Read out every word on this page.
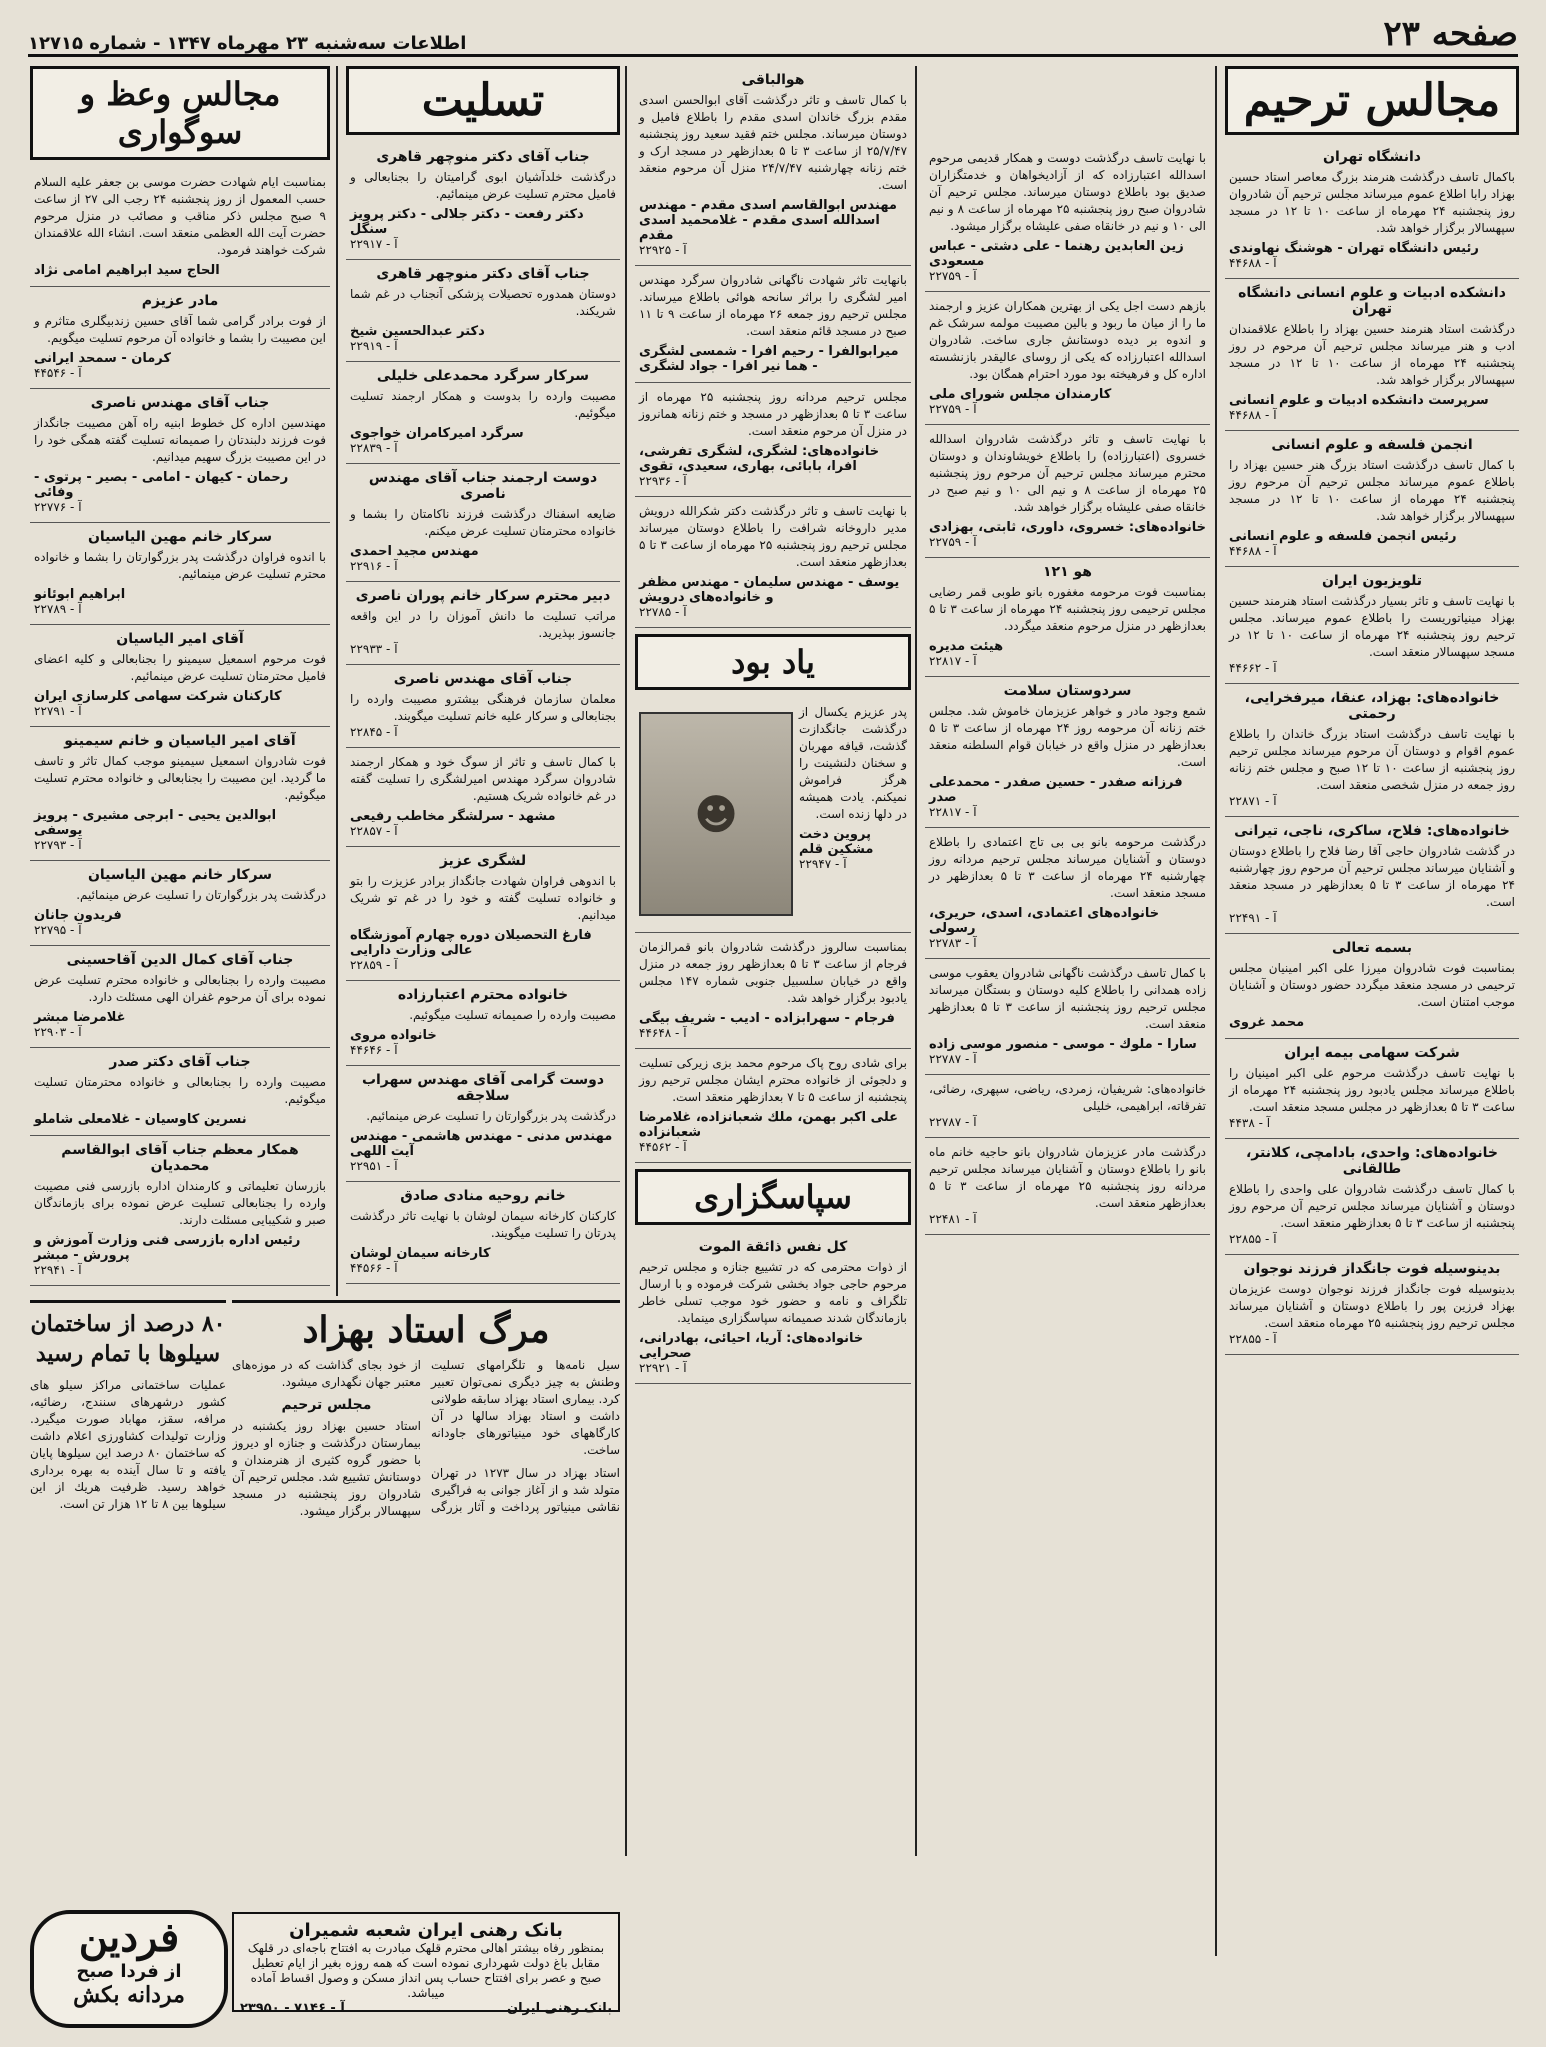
صفحه ۲۳
اطلاعات سه‌شنبه ۲۳ مهرماه ۱۳۴۷ - شماره ۱۲۷۱۵
مجالس ترحیم
دانشگاه تهران

باکمال تاسف درگذشت هنرمند بزرگ معاصر استاد حسین بهزاد رابا اطلاع عموم میرساند مجلس ترحیم آن شادروان روز پنجشنبه ۲۴ مهرماه از ساعت ۱۰ تا ۱۲ در مسجد سپهسالار برگزار خواهد شد.

رئیس دانشگاه تهران - هوشنگ نهاوندی
آ - ۴۴۶۸۸
دانشکده ادبیات و علوم انسانی دانشگاه تهران

درگذشت استاد هنرمند حسین بهزاد را باطلاع علاقمندان ادب و هنر میرساند مجلس ترحیم آن مرحوم در روز پنجشنبه ۲۴ مهرماه از ساعت ۱۰ تا ۱۲ در مسجد سپهسالار برگزار خواهد شد.

سرپرست دانشکده ادبیات و علوم انسانی
آ - ۴۴۶۸۸
انجمن فلسفه و علوم انسانی

با کمال تاسف درگذشت استاد بزرگ هنر حسین بهزاد را باطلاع عموم میرساند مجلس ترحیم آن مرحوم روز پنجشنبه ۲۴ مهرماه از ساعت ۱۰ تا ۱۲ در مسجد سپهسالار برگزار خواهد شد.

رئیس انجمن فلسفه و علوم انسانی
آ - ۴۴۶۸۸
تلویزیون ایران

با نهایت تاسف و تاثر بسیار درگذشت استاد هنرمند حسین بهزاد مینیاتوریست را باطلاع عموم میرساند. مجلس ترحیم روز پنجشنبه ۲۴ مهرماه از ساعت ۱۰ تا ۱۲ در مسجد سپهسالار منعقد است.

آ - ۴۴۶۶۲
خانواده‌های: بهزاد، عنقا، میرفخرایی، رحمتی

با نهایت تاسف درگذشت استاد بزرگ خاندان را باطلاع عموم اقوام و دوستان آن مرحوم میرساند مجلس ترحیم روز پنجشنبه از ساعت ۱۰ تا ۱۲ صبح و مجلس ختم زنانه روز جمعه در منزل شخصی منعقد است.

آ - ۲۲۸۷۱
خانواده‌های: فلاح، ساکری، ناجی، تیرانی

در گذشت شادروان حاجی آقا رضا فلاح را باطلاع دوستان و آشنایان میرساند مجلس ترحیم آن مرحوم روز چهارشنبه ۲۴ مهرماه از ساعت ۳ تا ۵ بعدازظهر در مسجد منعقد است.

آ - ۲۲۴۹۱
بسمه تعالی

بمناسبت فوت شادروان میرزا علی اکبر امینیان مجلس ترحیمی در مسجد منعقد میگردد حضور دوستان و آشنایان موجب امتنان است.

محمد غروی
شرکت سهامی بیمه ایران

با نهایت تاسف درگذشت مرحوم علی اکبر امینیان را باطلاع میرساند مجلس یادبود روز پنجشنبه ۲۴ مهرماه از ساعت ۳ تا ۵ بعدازظهر در مجلس مسجد منعقد است.

آ - ۴۴۳۸
خانواده‌های: واحدی، بادامچی، کلانتر، طالقانی

با کمال تاسف درگذشت شادروان علی واحدی را باطلاع دوستان و آشنایان میرساند مجلس ترحیم آن مرحوم روز پنجشنبه از ساعت ۳ تا ۵ بعدازظهر منعقد است.

آ - ۲۲۸۵۵
بدینوسیله فوت جانگداز فرزند نوجوان

بدینوسیله فوت جانگداز فرزند نوجوان دوست عزیزمان بهزاد فرزین پور را باطلاع دوستان و آشنایان میرساند مجلس ترحیم روز پنجشنبه ۲۵ مهرماه منعقد است.

آ - ۲۲۸۵۵

با نهایت تاسف درگذشت دوست و همکار قدیمی مرحوم اسدالله اعتبارزاده که از آزادیخواهان و خدمتگزاران صدیق بود باطلاع دوستان میرساند. مجلس ترحیم آن شادروان صبح روز پنجشنبه ۲۵ مهرماه از ساعت ۸ و نیم الی ۱۰ و نیم در خانقاه صفی علیشاه برگزار میشود.

زین العابدین رهنما - علی دشتی - عباس مسعودی
آ - ۲۲۷۵۹

بازهم دست اجل یکی از بهترین همکاران عزیز و ارجمند ما را از میان ما ربود و بالین مصیبت مولمه سرشک غم و اندوه بر دیده دوستانش جاری ساخت. شادروان اسدالله اعتبارزاده که یکی از روسای عالیقدر بازنشسته اداره کل و فرهیخته بود مورد احترام همگان بود.

کارمندان مجلس شورای ملی
آ - ۲۲۷۵۹

با نهایت تاسف و تاثر درگذشت شادروان اسدالله خسروی (اعتبارزاده) را باطلاع خویشاوندان و دوستان محترم میرساند مجلس ترحیم آن مرحوم روز پنجشنبه ۲۵ مهرماه از ساعت ۸ و نیم الی ۱۰ و نیم صبح در خانقاه صفی علیشاه برگزار خواهد شد.

خانواده‌های: خسروی، داوری، ثابتی، بهزادی
آ - ۲۲۷۵۹
هو ۱۲۱

بمناسبت فوت مرحومه مغفوره بانو طوبی قمر رضایی مجلس ترحیمی روز پنجشنبه ۲۴ مهرماه از ساعت ۳ تا ۵ بعدازظهر در منزل مرحوم منعقد میگردد.

هیئت مدیره
آ - ۲۲۸۱۷
سردوستان سلامت

شمع وجود مادر و خواهر عزیزمان خاموش شد. مجلس ختم زنانه آن مرحومه روز ۲۴ مهرماه از ساعت ۳ تا ۵ بعدازظهر در منزل واقع در خیابان قوام السلطنه منعقد است.

فرزانه صفدر - حسین صفدر - محمدعلی صدر
آ - ۲۲۸۱۷

درگذشت مرحومه بانو بی بی تاج اعتمادی را باطلاع دوستان و آشنایان میرساند مجلس ترحیم مردانه روز چهارشنبه ۲۴ مهرماه از ساعت ۳ تا ۵ بعدازظهر در مسجد منعقد است.

خانواده‌های اعتمادی، اسدی، حریری، رسولی
آ - ۲۲۷۸۳

با کمال تاسف درگذشت ناگهانی شادروان یعقوب موسی زاده همدانی را باطلاع کلیه دوستان و بستگان میرساند مجلس ترحیم روز پنجشنبه از ساعت ۳ تا ۵ بعدازظهر منعقد است.

سارا - ملوك - موسی - منصور موسی زاده
آ - ۲۲۷۸۷

خانواده‌های: شریفیان، زمردی، ریاضی، سپهری، رضائی، تفرقاته، ابراهیمی، خلیلی

آ - ۲۲۷۸۷

درگذشت مادر عزیزمان شادروان بانو حاجیه خانم ماه بانو را باطلاع دوستان و آشنایان میرساند مجلس ترحیم مردانه روز پنجشنبه ۲۵ مهرماه از ساعت ۳ تا ۵ بعدازظهر منعقد است.

آ - ۲۲۴۸۱
هوالباقی

با کمال تاسف و تاثر درگذشت آقای ابوالحسن اسدی مقدم بزرگ خاندان اسدی مقدم را باطلاع فامیل و دوستان میرساند. مجلس ختم فقید سعید روز پنجشنبه ۲۵/۷/۴۷ از ساعت ۳ تا ۵ بعدازظهر در مسجد ارک و ختم زنانه چهارشنبه ۲۴/۷/۴۷ منزل آن مرحوم منعقد است.

مهندس ابوالقاسم اسدی مقدم - مهندس اسدالله اسدی مقدم - غلامحمید اسدی مقدم
آ - ۲۲۹۲۵

بانهایت تاثر شهادت ناگهانی شادروان سرگرد مهندس امیر لشگری را براثر سانحه هوائی باطلاع میرساند. مجلس ترحیم روز جمعه ۲۶ مهرماه از ساعت ۹ تا ۱۱ صبح در مسجد قائم منعقد است.

میرابوالفرا - رحیم افرا - شمسی لشگری - هما نیر افرا - جواد لشگری

مجلس ترحیم مردانه روز پنجشنبه ۲۵ مهرماه از ساعت ۳ تا ۵ بعدازظهر در مسجد و ختم زنانه همانروز در منزل آن مرحوم منعقد است.

خانواده‌های: لشگری، لشگری تفرشی، افرا، بابائی، بهاری، سعیدی، تقوی
آ - ۲۲۹۳۶

با نهایت تاسف و تاثر درگذشت دکتر شکرالله درویش مدیر داروخانه شرافت را باطلاع دوستان میرساند مجلس ترحیم روز پنجشنبه ۲۵ مهرماه از ساعت ۳ تا ۵ بعدازظهر منعقد است.

یوسف - مهندس سلیمان - مهندس مظفر و خانواده‌های درویش
آ - ۲۲۷۸۵
یاد بود

پدر عزیزم یکسال از درگذشت جانگدازت گذشت، قیافه مهربان و سخنان دلنشینت را هرگز فراموش نمیکنم. یادت همیشه در دلها زنده است.

پروین دخت مشکین قلم
آ - ۲۲۹۴۷
☻

بمناسبت سالروز درگذشت شادروان بانو قمرالزمان فرجام از ساعت ۳ تا ۵ بعدازظهر روز جمعه در منزل واقع در خیابان سلسبیل جنوبی شماره ۱۴۷ مجلس یادبود برگزار خواهد شد.

فرجام - سهرابزاده - ادیب - شریف بیگی
آ - ۴۴۶۴۸

برای شادی روح پاک مرحوم محمد بزی زیرکی تسلیت و دلجوئی از خانواده محترم ایشان مجلس ترحیم روز پنجشنبه از ساعت ۵ تا ۷ بعدازظهر منعقد است.

علی اکبر بهمن، ملك شعبانزاده، غلامرضا شعبانزاده
آ - ۴۴۵۶۲
سپاسگزاری
کل نفس ذائقة الموت

از ذوات محترمی که در تشییع جنازه و مجلس ترحیم مرحوم حاجی جواد بخشی شرکت فرموده و با ارسال تلگراف و نامه و حضور خود موجب تسلی خاطر بازماندگان شدند صمیمانه سپاسگزاری مینماید.

خانواده‌های: آریا، احیائی، بهادرانی، صحرایی
آ - ۲۲۹۲۱
تسلیت
جناب آقای دکتر منوچهر قاهری

درگذشت خلدآشیان ابوی گرامیتان را بجنابعالی و فامیل محترم تسلیت عرض مینمائیم.

دکتر رفعت - دکتر جلالی - دکتر پرویز سنگل
آ - ۲۲۹۱۷
جناب آقای دکتر منوچهر قاهری

دوستان همدوره تحصیلات پزشکی آنجناب در غم شما شریکند.

دکتر عبدالحسین شیخ
آ - ۲۲۹۱۹
سرکار سرگرد محمدعلی خلیلی

مصیبت وارده را بدوست و همکار ارجمند تسلیت میگوئیم.

سرگرد امیرکامران خواجوی
آ - ۲۲۸۳۹
دوست ارجمند جناب آقای مهندس ناصری

ضایعه اسفناك درگذشت فرزند ناکامتان را بشما و خانواده محترمتان تسلیت عرض میکنم.

مهندس مجید احمدی
آ - ۲۲۹۱۶
دبیر محترم سرکار خانم پوران ناصری

مراتب تسلیت ما دانش آموزان را در این واقعه جانسوز بپذیرید.

آ - ۲۲۹۳۳
جناب آقای مهندس ناصری

معلمان سازمان فرهنگی بیشترو مصیبت وارده را بجنابعالی و سرکار علیه خانم تسلیت میگویند.

آ - ۲۲۸۴۵

با کمال تاسف و تاثر از سوگ خود و همکار ارجمند شادروان سرگرد مهندس امیرلشگری را تسلیت گفته در غم خانواده شریک هستیم.

مشهد - سرلشگر مخاطب رفیعی
آ - ۲۲۸۵۷
لشگری عزیز

با اندوهی فراوان شهادت جانگداز برادر عزیزت را بتو و خانواده تسلیت گفته و خود را در غم تو شریک میدانیم.

فارغ التحصیلان دوره چهارم آموزشگاه عالی وزارت دارایی
آ - ۲۲۸۵۹
خانواده محترم اعتبارزاده

مصیبت وارده را صمیمانه تسلیت میگوئیم.

خانواده مروی
آ - ۴۴۶۴۶
دوست گرامی آقای مهندس سهراب سلاجقه

درگذشت پدر بزرگوارتان را تسلیت عرض مینمائیم.

مهندس مدنی - مهندس هاشمی - مهندس آیت اللهی
آ - ۲۲۹۵۱
خانم روحیه منادی صادق

کارکنان کارخانه سیمان لوشان با نهایت تاثر درگذشت پدرتان را تسلیت میگویند.

کارخانه سیمان لوشان
آ - ۴۴۵۶۶
مجالس وعظ و سوگواری

بمناسبت ایام شهادت حضرت موسی بن جعفر علیه السلام حسب المعمول از روز پنجشنبه ۲۴ رجب الی ۲۷ از ساعت ۹ صبح مجلس ذکر مناقب و مصائب در منزل مرحوم حضرت آیت الله العظمی منعقد است. انشاء الله علاقمندان شرکت خواهند فرمود.

الحاج سید ابراهیم امامی نژاد
مادر عزیزم

از فوت برادر گرامی شما آقای حسین زندبیگلری متاثرم و این مصیبت را بشما و خانواده آن مرحوم تسلیت میگویم.

کرمان - سمحد ایرانی
آ - ۴۴۵۴۶
جناب آقای مهندس ناصری

مهندسین اداره کل خطوط ابنیه راه آهن مصیبت جانگداز فوت فرزند دلبندتان را صمیمانه تسلیت گفته همگی خود را در این مصیبت بزرگ سهیم میدانیم.

رحمان - کیهان - امامی - بصیر - پرتوی - وفائی
آ - ۲۲۷۷۶
سرکار خانم مهین الیاسیان

با اندوه فراوان درگذشت پدر بزرگوارتان را بشما و خانواده محترم تسلیت عرض مینمائیم.

ابراهیم ابوئانو
آ - ۲۲۷۸۹
آقای امیر الیاسیان

فوت مرحوم اسمعیل سیمینو را بجنابعالی و کلیه اعضای فامیل محترمتان تسلیت عرض مینمائیم.

کارکنان شرکت سهامی کلرسازی ایران
آ - ۲۲۷۹۱
آقای امیر الیاسیان و خانم سیمینو

فوت شادروان اسمعیل سیمینو موجب کمال تاثر و تاسف ما گردید. این مصیبت را بجنابعالی و خانواده محترم تسلیت میگوئیم.

ابوالدین یحیی - ابرجی مشیری - پرویز یوسفی
آ - ۲۲۷۹۳
سرکار خانم مهین الیاسیان

درگذشت پدر بزرگوارتان را تسلیت عرض مینمائیم.

فریدون جانان
آ - ۲۲۷۹۵
جناب آقای کمال الدین آقاحسینی

مصیبت وارده را بجنابعالی و خانواده محترم تسلیت عرض نموده برای آن مرحوم غفران الهی مسئلت دارد.

غلامرضا مبشر
آ - ۲۲۹۰۳
جناب آقای دکتر صدر

مصیبت وارده را بجنابعالی و خانواده محترمتان تسلیت میگوئیم.

نسرین کاوسیان - غلامعلی شاملو
همکار معظم جناب آقای ابوالقاسم محمدیان

بازرسان تعلیماتی و کارمندان اداره بازرسی فنی مصیبت وارده را بجنابعالی تسلیت عرض نموده برای بازماندگان صبر و شکیبایی مسئلت دارند.

رئیس اداره بازرسی فنی وزارت آموزش و پرورش - مبشر
آ - ۲۲۹۴۱
مرگ استاد بهزاد

سیل نامه‌ها و تلگرامهای تسلیت وطنش به چیز دیگری نمی‌توان تعبیر کرد. بیماری استاد بهزاد سابقه طولانی داشت و استاد بهزاد سالها در آن کارگاههای خود مینیاتورهای جاودانه ساخت.

استاد بهزاد در سال ۱۲۷۳ در تهران متولد شد و از آغاز جوانی به فراگیری نقاشی مینیاتور پرداخت و آثار بزرگی از خود بجای گذاشت که در موزه‌های معتبر جهان نگهداری میشود.

مجلس ترحیم

استاد حسین بهزاد روز یکشنبه در بیمارستان درگذشت و جنازه او دیروز با حضور گروه کثیری از هنرمندان و دوستانش تشییع شد. مجلس ترحیم آن شادروان روز پنجشنبه در مسجد سپهسالار برگزار میشود.

۸۰ درصد از ساختمان سیلوها با تمام رسید

عملیات ساختمانی مراکز سیلو های کشور درشهرهای سنندج، رضائیه، مرافه، سقز، مهاباد صورت میگیرد. وزارت تولیدات کشاورزی اعلام داشت که ساختمان ۸۰ درصد این سیلوها پایان یافته و تا سال آینده به بهره برداری خواهد رسید. ظرفیت هریك از این سیلوها بین ۸ تا ۱۲ هزار تن است.

بانک رهنی ایران شعبه شمیران
بمنظور رفاه بیشتر اهالی محترم قلهک مبادرت به افتتاح باجه‌ای در قلهک مقابل باغ دولت شهرداری نموده است که همه روزه بغیر از ایام تعطیل صبح و عصر برای افتتاح حساب پس انداز مسکن و وصول اقساط آماده میباشد.
بانک رهنی ایران
آ - ۷۱۴۶ - ۲۳۹۵۰
فردین
از فردا صبح
مردانه بکش
